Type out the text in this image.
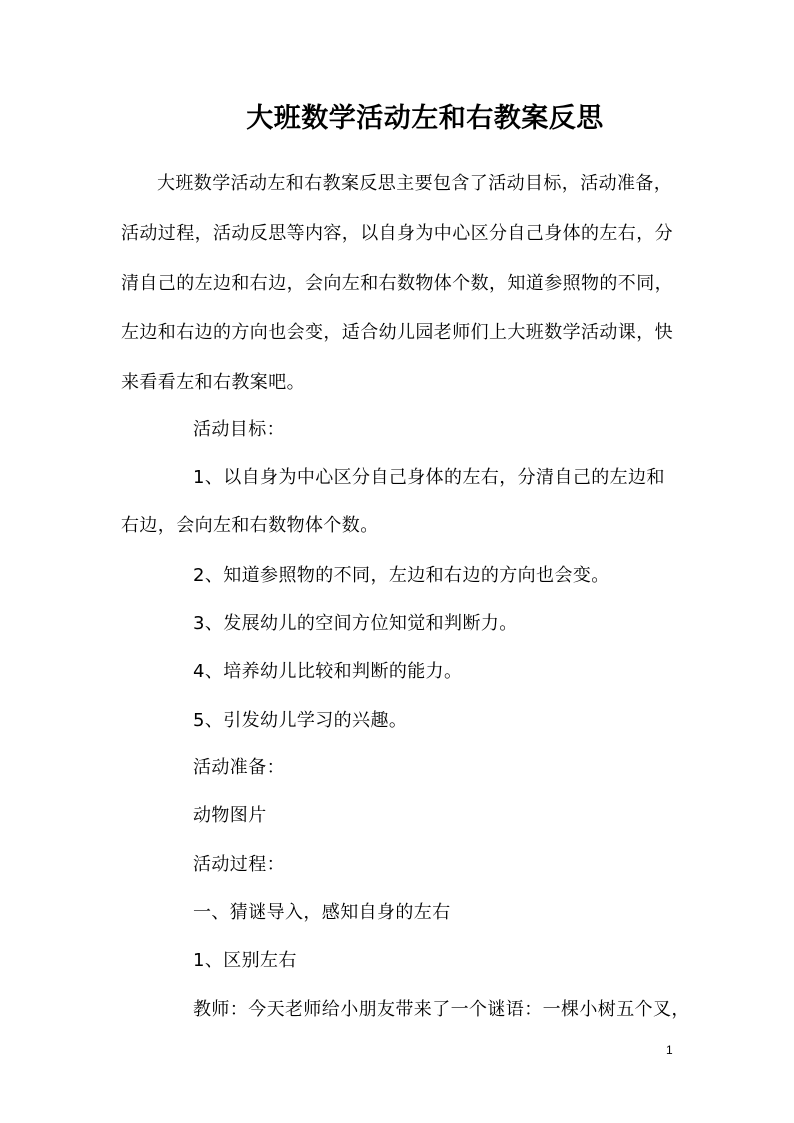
大班数学活动左和右教案反思
大班数学活动左和右教案反思主要包含了活动目标，活动准备，
活动过程，活动反思等内容，以自身为中心区分自己身体的左右，分
清自己的左边和右边，会向左和右数物体个数，知道参照物的不同，
左边和右边的方向也会变，适合幼儿园老师们上大班数学活动课，快
来看看左和右教案吧。
活动目标：
1、以自身为中心区分自己身体的左右，分清自己的左边和
右边，会向左和右数物体个数。
2、知道参照物的不同，左边和右边的方向也会变。
3、发展幼儿的空间方位知觉和判断力。
4、培养幼儿比较和判断的能力。
5、引发幼儿学习的兴趣。
活动准备：
动物图片
活动过程：
一、猜谜导入，感知自身的左右
1、区别左右
教师：今天老师给小朋友带来了一个谜语：一棵小树五个叉，
1
